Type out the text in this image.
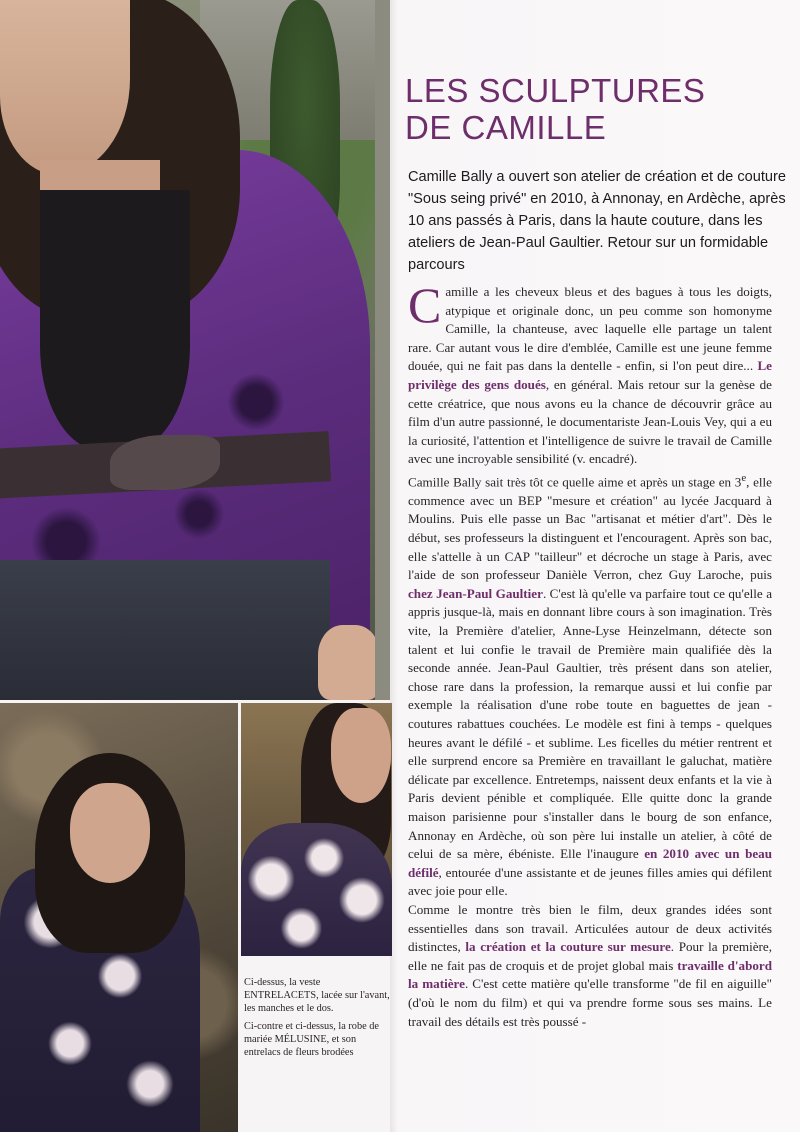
Ci-dessus, la veste ENTRELACETS, lacée sur l'avant, les manches et le dos.

Ci-contre et ci-dessus, la robe de mariée MÉLUSINE, et son entrelacs de fleurs brodées

LES SCULPTURES
DE CAMILLE

Camille Bally a ouvert son atelier de création et de couture "Sous seing privé" en 2010, à Annonay, en Ardèche, après 10 ans passés à Paris, dans la haute couture, dans les ateliers de Jean-Paul Gaultier. Retour sur un formidable parcours

Camille a les cheveux bleus et des bagues à tous les doigts, atypique et originale donc, un peu comme son homonyme Camille, la chanteuse, avec laquelle elle partage un talent rare. Car autant vous le dire d'emblée, Camille est une jeune femme douée, qui ne fait pas dans la dentelle - enfin, si l'on peut dire... Le privilège des gens doués, en général. Mais retour sur la genèse de cette créatrice, que nous avons eu la chance de découvrir grâce au film d'un autre passionné, le documentariste Jean-Louis Vey, qui a eu la curiosité, l'attention et l'intelligence de suivre le travail de Camille avec une incroyable sensibilité (v. encadré).

Camille Bally sait très tôt ce quelle aime et après un stage en 3e, elle commence avec un BEP "mesure et création" au lycée Jacquard à Moulins. Puis elle passe un Bac "artisanat et métier d'art". Dès le début, ses professeurs la distinguent et l'encouragent. Après son bac, elle s'attelle à un CAP "tailleur" et décroche un stage à Paris, avec l'aide de son professeur Danièle Verron, chez Guy Laroche, puis chez Jean-Paul Gaultier. C'est là qu'elle va parfaire tout ce qu'elle a appris jusque-là, mais en donnant libre cours à son imagination. Très vite, la Première d'atelier, Anne-Lyse Heinzelmann, détecte son talent et lui confie le travail de Première main qualifiée dès la seconde année. Jean-Paul Gaultier, très présent dans son atelier, chose rare dans la profession, la remarque aussi et lui confie par exemple la réalisation d'une robe toute en baguettes de jean - coutures rabattues couchées. Le modèle est fini à temps - quelques heures avant le défilé - et sublime. Les ficelles du métier rentrent et elle surprend encore sa Première en travaillant le galuchat, matière délicate par excellence. Entretemps, naissent deux enfants et la vie à Paris devient pénible et compliquée. Elle quitte donc la grande maison parisienne pour s'installer dans le bourg de son enfance, Annonay en Ardèche, où son père lui installe un atelier, à côté de celui de sa mère, ébéniste. Elle l'inaugure en 2010 avec un beau défilé, entourée d'une assistante et de jeunes filles amies qui défilent avec joie pour elle.

Comme le montre très bien le film, deux grandes idées sont essentielles dans son travail. Articulées autour de deux activités distinctes, la création et la couture sur mesure. Pour la première, elle ne fait pas de croquis et de projet global mais travaille d'abord la matière. C'est cette matière qu'elle transforme "de fil en aiguille" (d'où le nom du film) et qui va prendre forme sous ses mains. Le travail des détails est très poussé -
